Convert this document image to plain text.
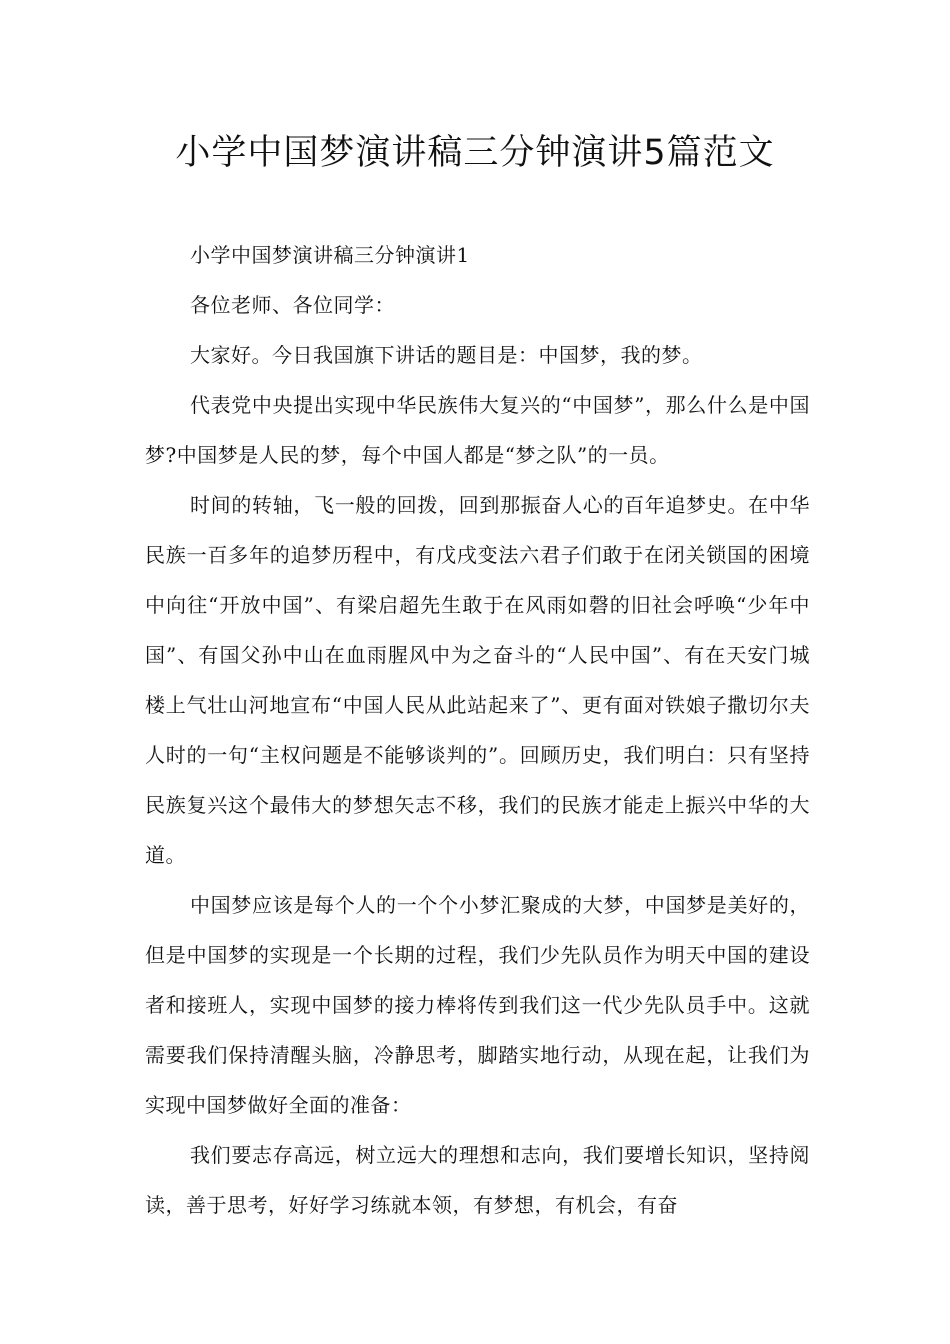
小学中国梦演讲稿三分钟演讲5篇范文

小学中国梦演讲稿三分钟演讲1

各位老师、各位同学：

大家好。今日我国旗下讲话的题目是：中国梦，我的梦。

代表党中央提出实现中华民族伟大复兴的“中国梦”，那么什么是中国梦?中国梦是人民的梦，每个中国人都是“梦之队”的一员。

时间的转轴，飞一般的回拨，回到那振奋人心的百年追梦史。在中华民族一百多年的追梦历程中，有戊戌变法六君子们敢于在闭关锁国的困境中向往“开放中国”、有梁启超先生敢于在风雨如磬的旧社会呼唤“少年中国”、有国父孙中山在血雨腥风中为之奋斗的“人民中国”、有在天安门城楼上气壮山河地宣布“中国人民从此站起来了”、更有面对铁娘子撒切尔夫人时的一句“主权问题是不能够谈判的”。回顾历史，我们明白：只有坚持民族复兴这个最伟大的梦想矢志不移，我们的民族才能走上振兴中华的大道。

中国梦应该是每个人的一个个小梦汇聚成的大梦，中国梦是美好的，但是中国梦的实现是一个长期的过程，我们少先队员作为明天中国的建设者和接班人，实现中国梦的接力棒将传到我们这一代少先队员手中。这就需要我们保持清醒头脑，冷静思考，脚踏实地行动，从现在起，让我们为实现中国梦做好全面的准备：

我们要志存高远，树立远大的理想和志向，我们要增长知识，坚持阅读，善于思考，好好学习练就本领，有梦想，有机会，有奋
